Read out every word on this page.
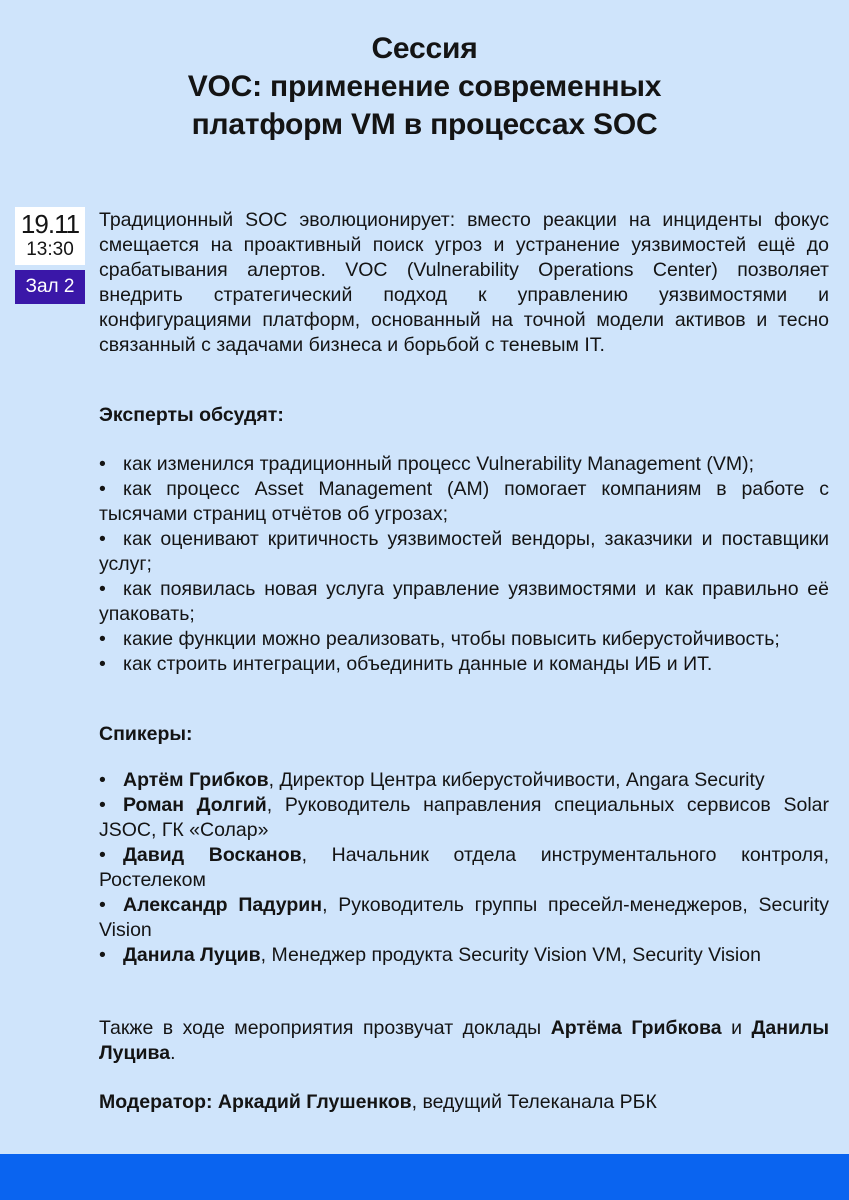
Сессия
VOC: применение современных
платформ VM в процессах SOC
19.11
13:30
Зал 2
Традиционный SOC эволюционирует: вместо реакции на инциденты фокус смещается на проактивный поиск угроз и устранение уязвимостей ещё до срабатывания алертов. VOC (Vulnerability Operations Center) позволяет внедрить стратегический подход к управлению уязвимостями и конфигурациями платформ, основанный на точной модели активов и тесно связанный с задачами бизнеса и борьбой с теневым IT.
Эксперты обсудят:
• как изменился традиционный процесс Vulnerability Management (VM);
• как процесс Asset Management (AM) помогает компаниям в работе с тысячами страниц отчётов об угрозах;
• как оценивают критичность уязвимостей вендоры, заказчики и поставщики услуг;
• как появилась новая услуга управление уязвимостями и как правильно её упаковать;
• какие функции можно реализовать, чтобы повысить киберустойчивость;
• как строить интеграции, объединить данные и команды ИБ и ИТ.
Спикеры:
• Артём Грибков, Директор Центра киберустойчивости, Angara Security
• Роман Долгий, Руководитель направления специальных сервисов Solar JSOC, ГК «Солар»
• Давид Восканов, Начальник отдела инструментального контроля, Ростелеком
• Александр Падурин, Руководитель группы пресейл-менеджеров, Security Vision
• Данила Луцив, Менеджер продукта Security Vision VM, Security Vision
Также в ходе мероприятия прозвучат доклады Артёма Грибкова и Данилы Луцива.
Модератор: Аркадий Глушенков, ведущий Телеканала РБК
